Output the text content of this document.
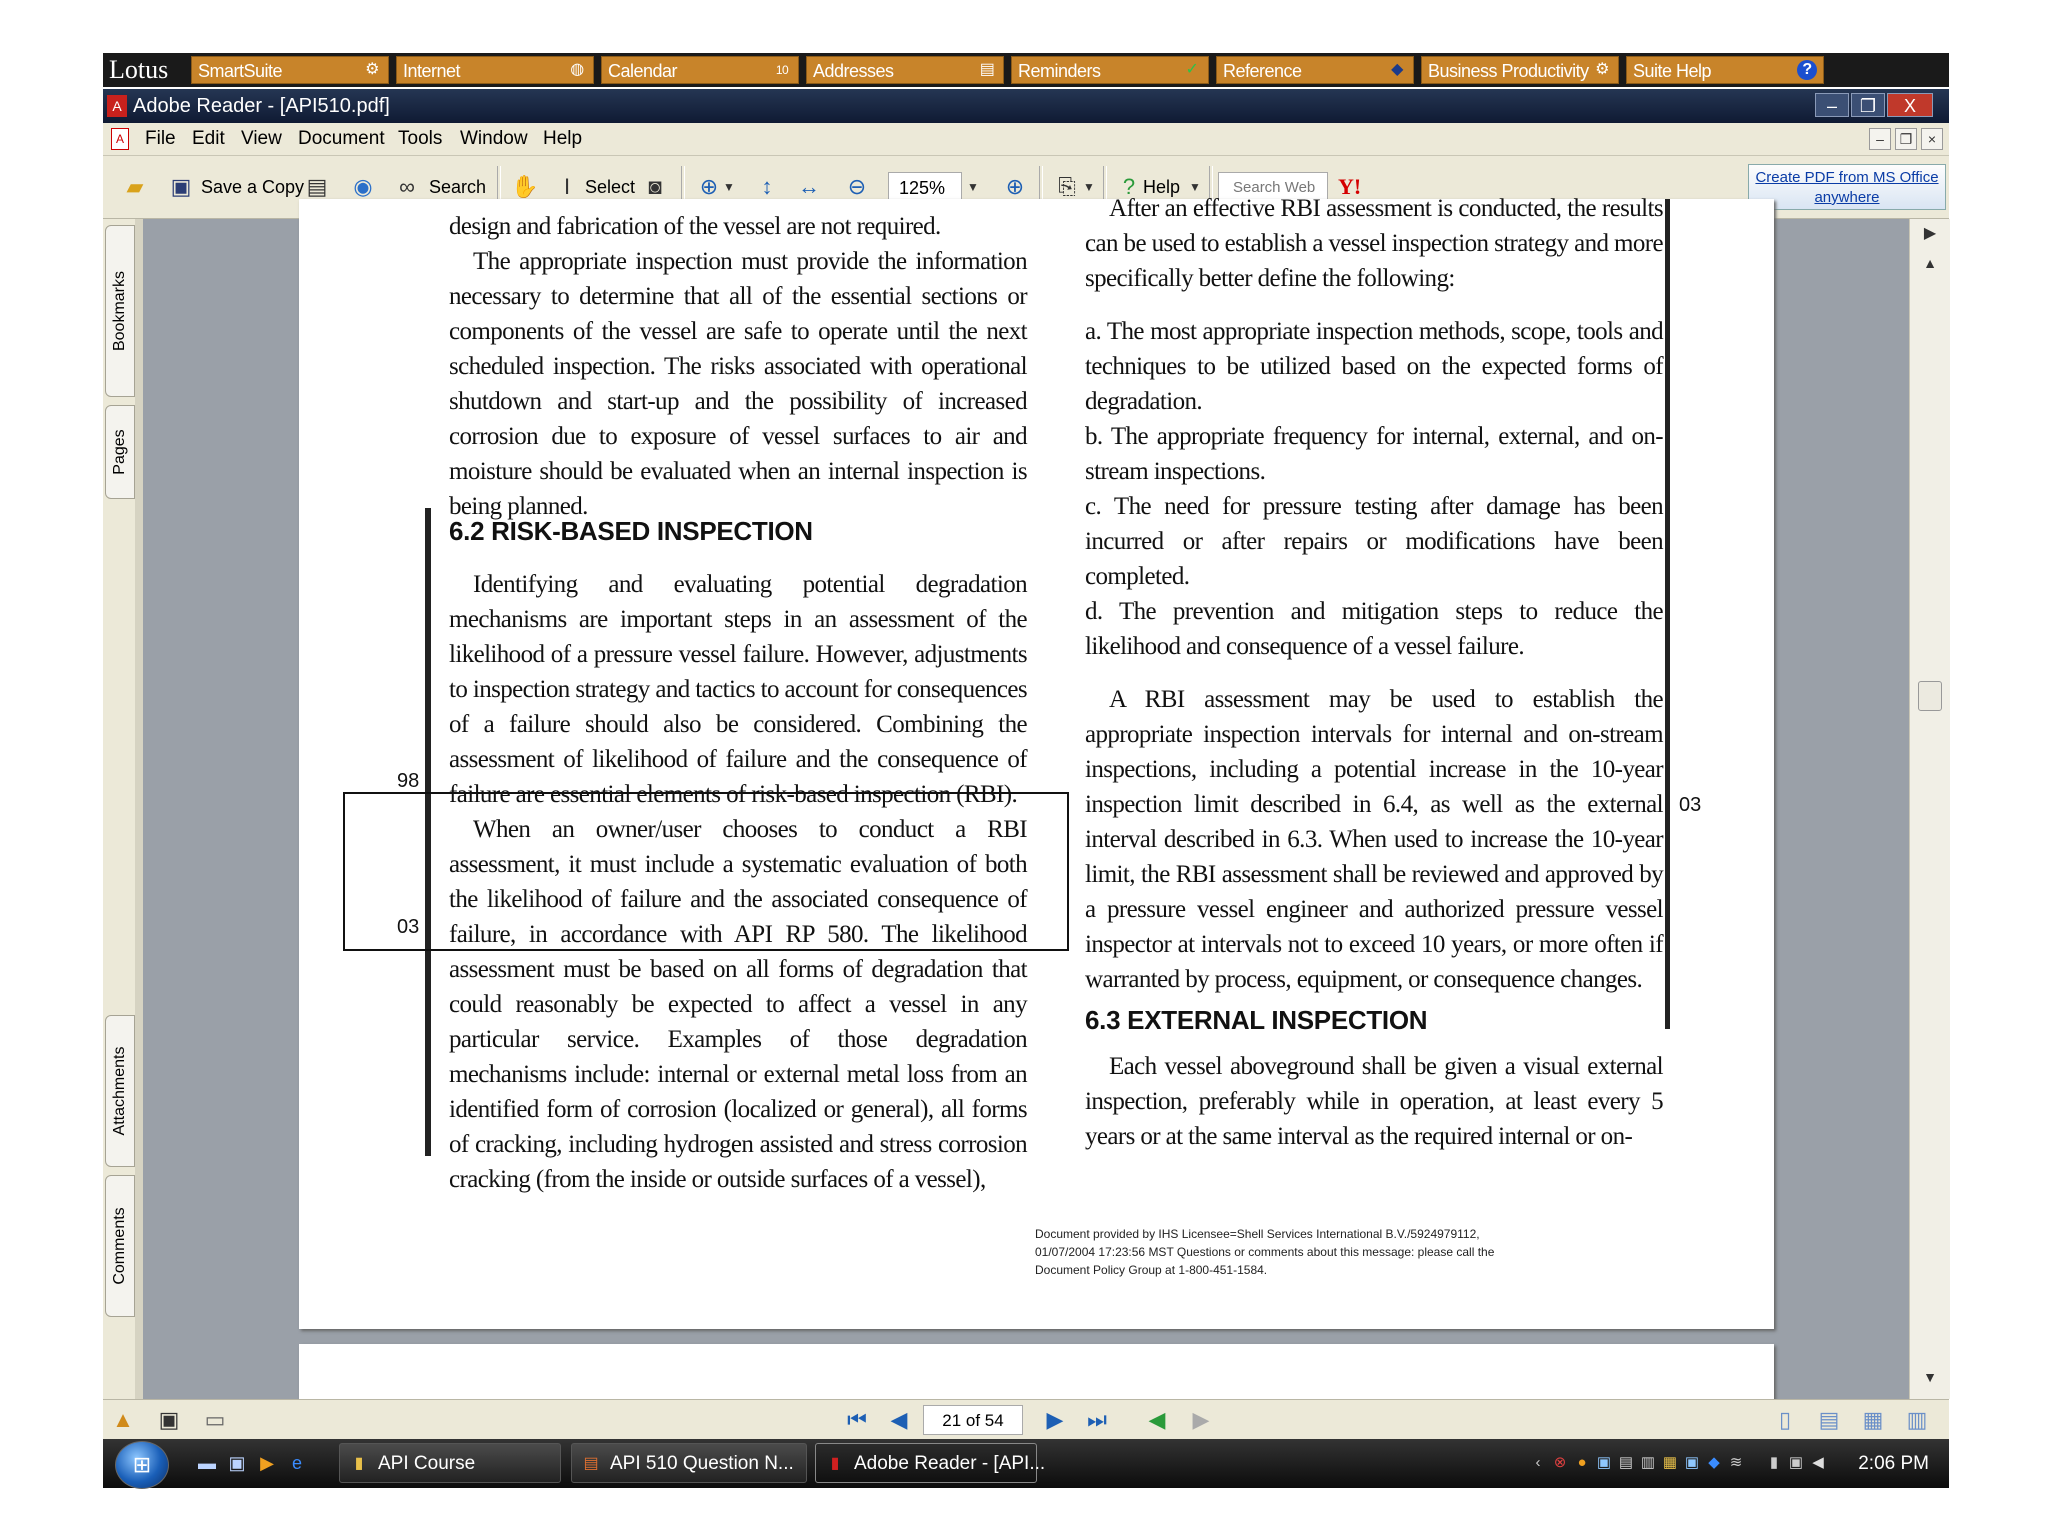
Lotus	SmartSuite	⚙	Internet	◍	Calendar	10	Addresses	▤	Reminders	✓	Reference	◆	Business Productivity ⚙	Suite Help	?
A Adobe Reader - [API510.pdf]	–	❐	X
A File Edit View Document Tools Window Help	–	❐	×
▰ ▣ Save a Copy ▤ ◉ ∞ Search ✋	I Select ◙	⊕ ▼	↕	↔ ⊖	125%	▼ ⊕ ⎘ ▼	? Help ▼	Search Web	Y!	Create PDF from MS Office
anywhere
Bookmarks
Pages
Attachments
Comments

design and fabrication of the vessel are not required.

The appropriate inspection must provide the information necessary to determine that all of the essential sections or components of the vessel are safe to operate until the next scheduled inspection. The risks associated with operational shutdown and start-up and the possibility of increased corrosion due to exposure of vessel surfaces to air and moisture should be evaluated when an internal inspection is being planned.

6.2 RISK-BASED INSPECTION

Identifying and evaluating potential degradation mechanisms are important steps in an assessment of the likelihood of a pressure vessel failure. However, adjustments to inspection strategy and tactics to account for consequences of a failure should also be considered. Combining the assessment of likelihood of failure and the consequence of failure are essential elements of risk-based inspection (RBI).

When an owner/user chooses to conduct a RBI assessment, it must include a systematic evaluation of both the likelihood of failure and the associated consequence of failure, in accordance with API RP 580. The likelihood assessment must be based on all forms of degradation that could reasonably be expected to affect a vessel in any particular service. Examples of those degradation mechanisms include: internal or external metal loss from an identified form of corrosion (localized or general), all forms of cracking, including hydrogen assisted and stress corrosion cracking (from the inside or outside surfaces of a vessel),

98
03

After an effective RBI assessment is conducted, the results can be used to establish a vessel inspection strategy and more specifically better define the following:

a. The most appropriate inspection methods, scope, tools and techniques to be utilized based on the expected forms of degradation.

b. The appropriate frequency for internal, external, and on-stream inspections.

c. The need for pressure testing after damage has been incurred or after repairs or modifications have been completed.

d. The prevention and mitigation steps to reduce the likelihood and consequence of a vessel failure.

A RBI assessment may be used to establish the appropriate inspection intervals for internal and on-stream inspections, including a potential increase in the 10-year inspection limit described in 6.4, as well as the external interval described in 6.3. When used to increase the 10-year limit, the RBI assessment shall be reviewed and approved by a pressure vessel engineer and authorized pressure vessel inspector at intervals not to exceed 10 years, or more often if warranted by process, equipment, or consequence changes.

6.3 EXTERNAL INSPECTION

Each vessel aboveground shall be given a visual external inspection, preferably while in operation, at least every 5 years or at the same interval as the required internal or on-

03
Document provided by IHS Licensee=Shell Services International B.V./5924979112, 01/07/2004 17:23:56 MST Questions or comments about this message: please call the Document Policy Group at 1-800-451-1584.
▶
▲
▼
▲ ▣ ▭	⏮ ◀	21 of 54	▶ ⏭ ◀ ▶	▯	▤ ▦ ▥
⊞	▬ ▣ ▶	e	▮ API Course	▤ API 510 Question N...	▮ Adobe Reader - [API...	‹ ⊗ ● ▣ ▤ ▥ ▦ ▣ ◆ ≋	▮ ▣ ◀ 2:06 PM
